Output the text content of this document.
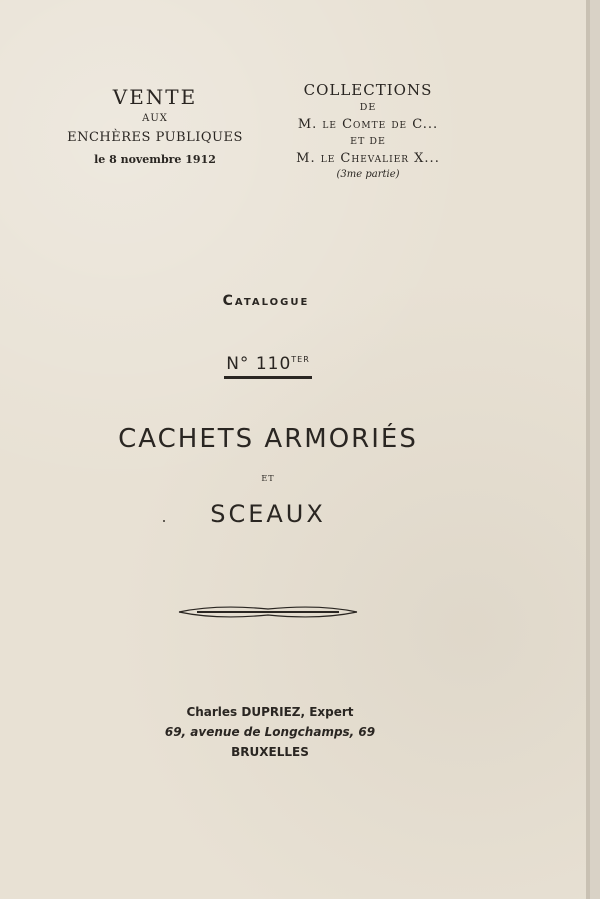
VENTE
AUX
ENCHÈRES PUBLIQUES
le 8 novembre 1912
COLLECTIONS
DE
M. le Comte de C...
ET DE
M. le Chevalier X...
(3me partie)
Catalogue
N° $110^{TER}$
CACHETS ARMORIÉS
ET
SCEAUX
Charles DUPRIEZ, Expert
69, avenue de Longchamps, 69
BRUXELLES
